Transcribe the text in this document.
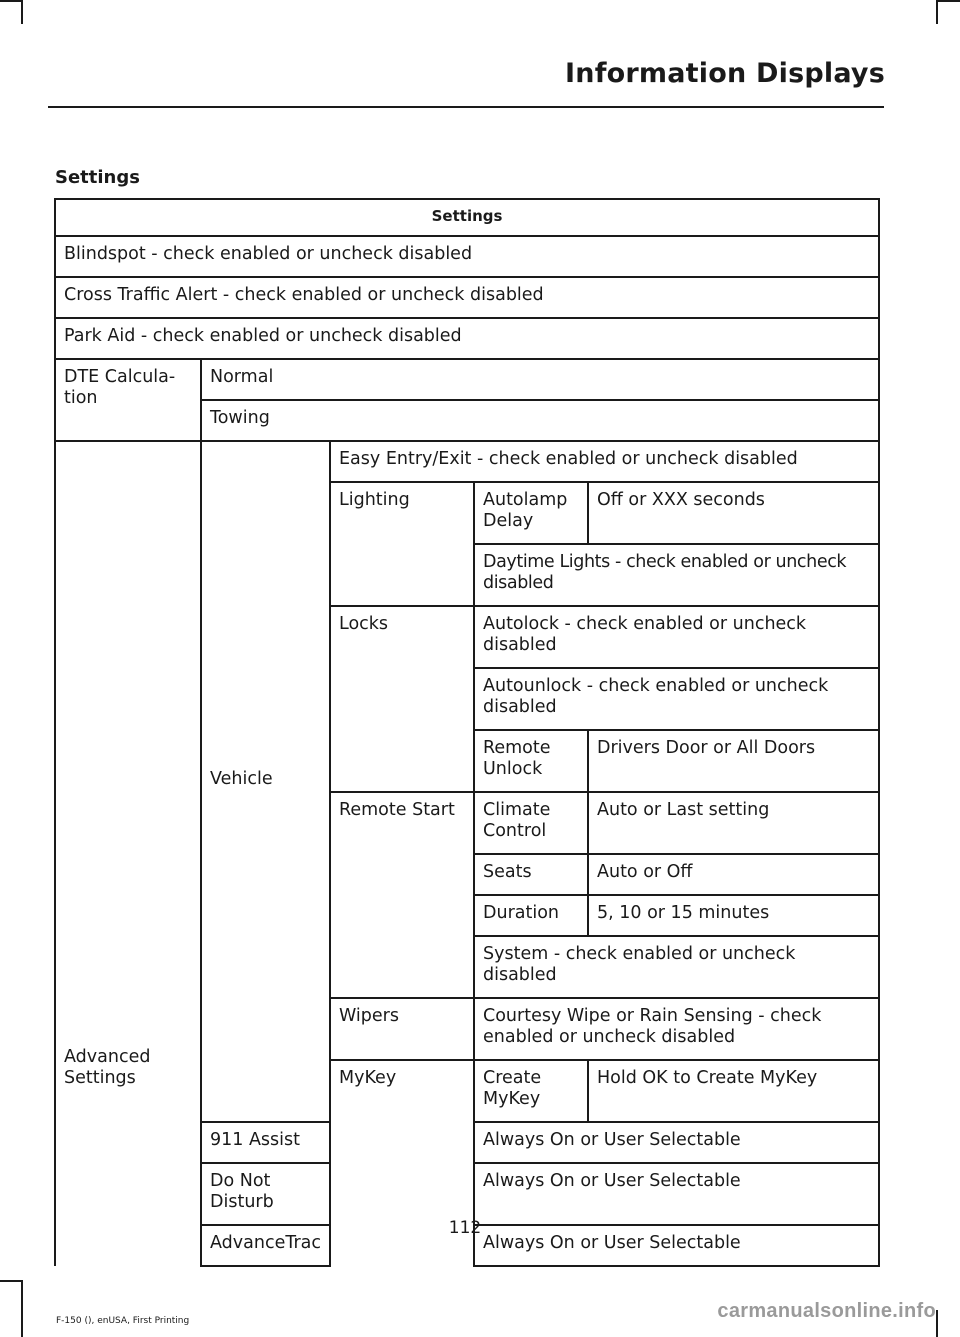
Information Displays
Settings
Settings				
Blindspot - check enabled or uncheck disabled				
Cross Traffic Alert - check enabled or uncheck disabled				
Park Aid - check enabled or uncheck disabled				
DTE Calcula-tion	Normal			
	Towing			
Advanced Settings	Vehicle	Easy Entry/Exit - check enabled or uncheck disabled		
		Lighting	Autolamp Delay	Off or XXX seconds
			Daytime Lights - check enabled or uncheck disabled	
		Locks	Autolock - check enabled or uncheck disabled	
			Autounlock - check enabled or uncheck disabled	
			Remote Unlock	Drivers Door or All Doors
		Remote Start	Climate Control	Auto or Last setting
			Seats	Auto or Off
			Duration	5, 10 or 15 minutes
			System - check enabled or uncheck disabled	
		Wipers	Courtesy Wipe or Rain Sensing - check enabled or uncheck disabled	
		MyKey	Create MyKey	Hold OK to Create MyKey
	911 Assist		Always On or User Selectable	
	Do Not Disturb		Always On or User Selectable	
	AdvanceTrac		Always On or User Selectable	
112
F-150 (), enUSA, First Printing	carmanualsonline.info
